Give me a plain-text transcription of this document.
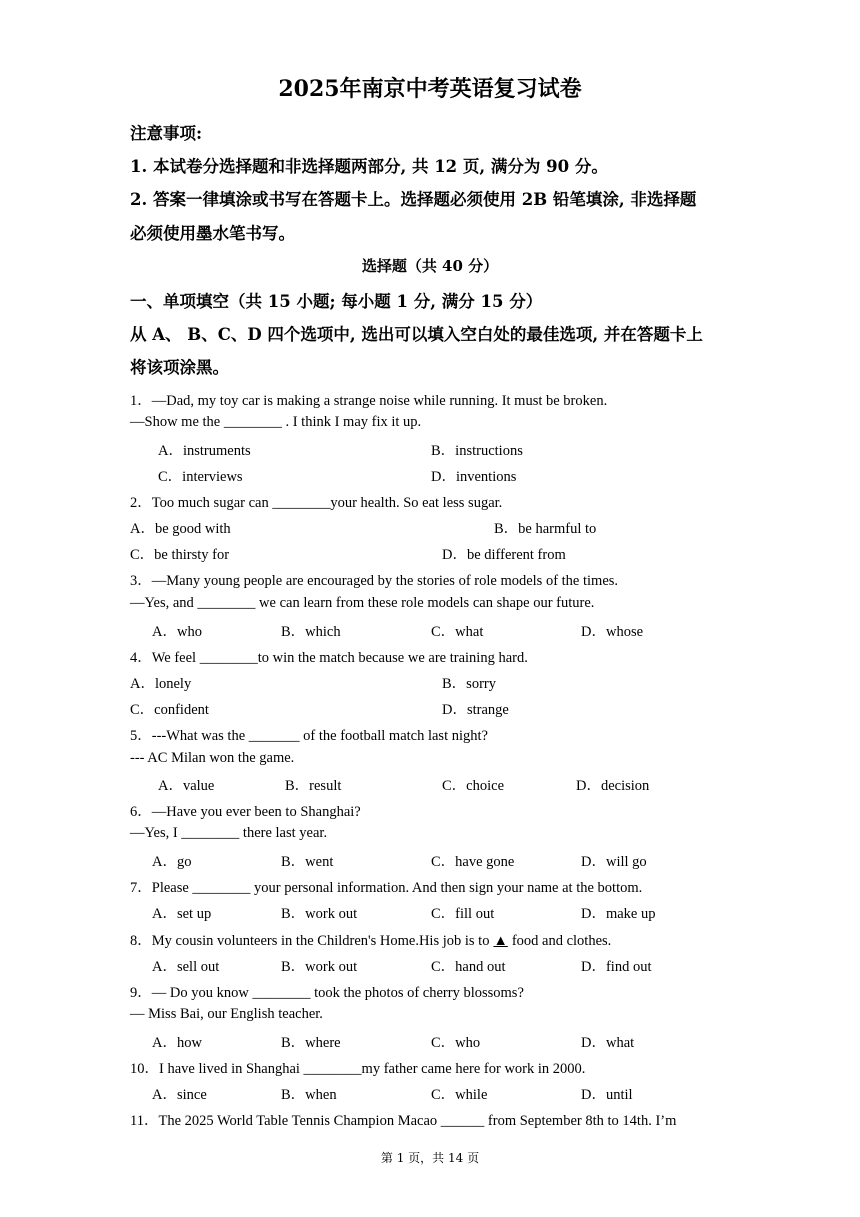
2025年南京中考英语复习试卷
注意事项:
1. 本试卷分选择题和非选择题两部分, 共 12 页, 满分为 90 分。
2. 答案一律填涂或书写在答题卡上。选择题必须使用 2B 铅笔填涂, 非选择题
必须使用墨水笔书写。
选择题（共 40 分）
一、单项填空（共 15 小题; 每小题 1 分, 满分 15 分）
从 A、 B、C、D 四个选项中, 选出可以填入空白处的最佳选项, 并在答题卡上
将该项涂黑。
1．—Dad, my toy car is making a strange noise while running. It must be broken.
—Show me the ________ . I think I may fix it up.
A．instruments	B．instructions
C．interviews	D．inventions
2．Too much sugar can ________your health. So eat less sugar.
A．be good with	B．be harmful to
C．be thirsty for	D．be different from
3．—Many young people are encouraged by the stories of role models of the times.
—Yes, and ________ we can learn from these role models can shape our future.
A．who	B．which	C．what	D．whose
4．We feel ________to win the match because we are training hard.
A．lonely	B．sorry
C．confident	D．strange
5．---What was the _______ of the football match last night?
--- AC Milan won the game.
A．value	B．result	C．choice	D．decision
6．—Have you ever been to Shanghai?
—Yes, I ________ there last year.
A．go	B．went	C．have gone	D．will go
7．Please ________ your personal information. And then sign your name at the bottom.
A．set up	B．work out	C．fill out	D．make up
8．My cousin volunteers in the Children's Home.His job is to ▲ food and clothes.
A．sell out	B．work out	C．hand out	D．find out
9．— Do you know ________ took the photos of cherry blossoms?
— Miss Bai, our English teacher.
A．how	B．where	C．who	D．what
10．I have lived in Shanghai ________my father came here for work in 2000.
A．since	B．when	C．while	D．until
11．The 2025 World Table Tennis Champion Macao ______ from September 8th to 14th. I’m
第 1 页，共 14 页
